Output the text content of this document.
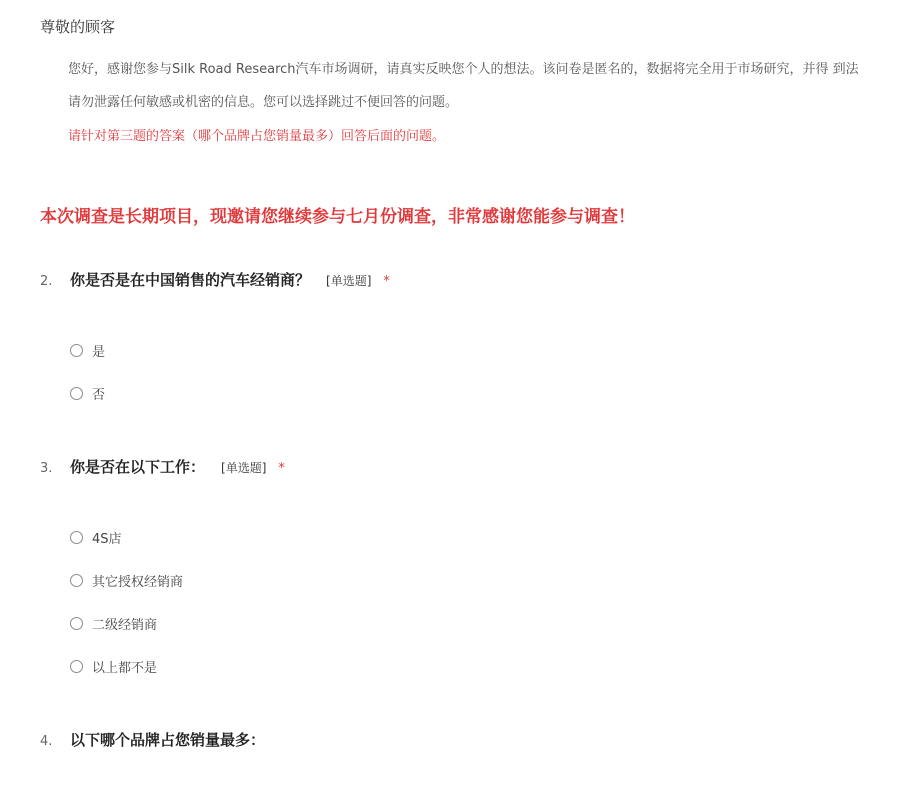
尊敬的顾客
您好，感谢您参与Silk Road Research汽车市场调研，请真实反映您个人的想法。该问卷是匿名的，数据将完全用于市场研究，并得 到法
请勿泄露任何敏感或机密的信息。您可以选择跳过不便回答的问题。
请针对第三题的答案（哪个品牌占您销量最多）回答后面的问题。
本次调查是长期项目，现邀请您继续参与七月份调查，非常感谢您能参与调查！
2.	你是否是在中国销售的汽车经销商？ [单选题] *
是
否
3.	你是否在以下工作： [单选题] *
4S店
其它授权经销商
二级经销商
以上都不是
4.	以下哪个品牌占您销量最多：
